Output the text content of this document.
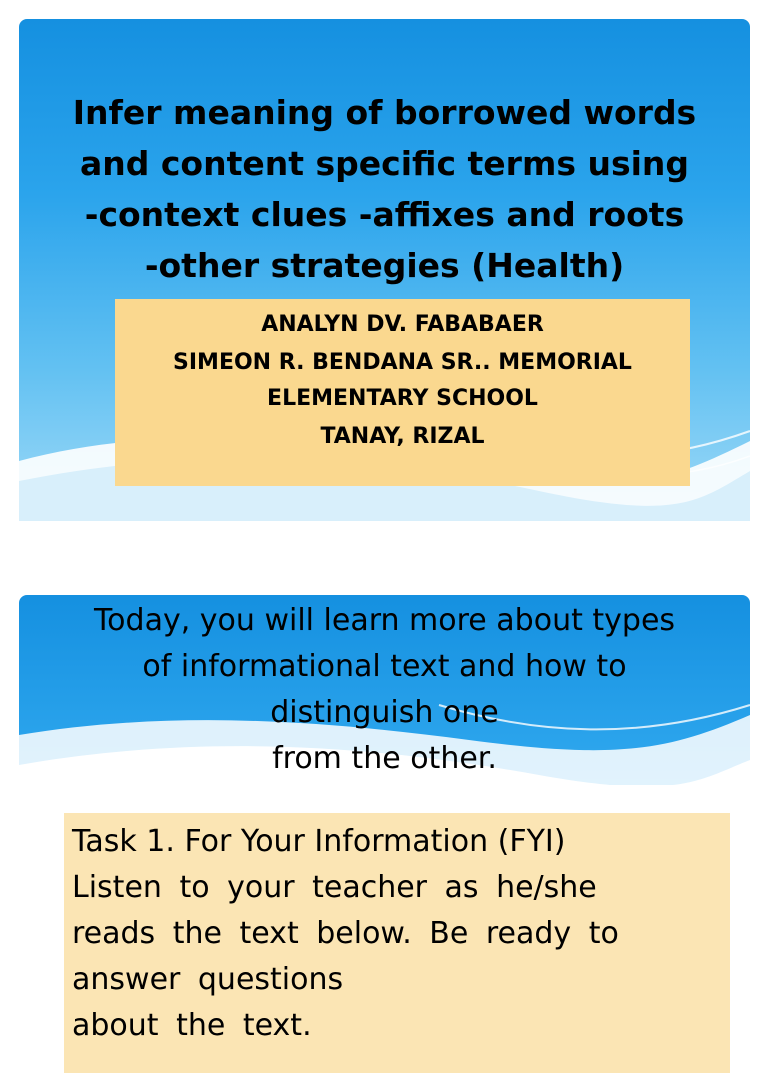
Infer meaning of borrowed words
and content specific terms using
-context clues -affixes and roots
-other strategies (Health)
ANALYN DV. FABABAER
SIMEON R. BENDANA SR.. MEMORIAL
ELEMENTARY SCHOOL
TANAY, RIZAL
Today, you will learn more about types
of informational text and how to
distinguish one
from the other.
Task 1. For Your Information (FYI)
Listen to your teacher as he/she
reads the text below. Be ready to
answer questions
about the text.
